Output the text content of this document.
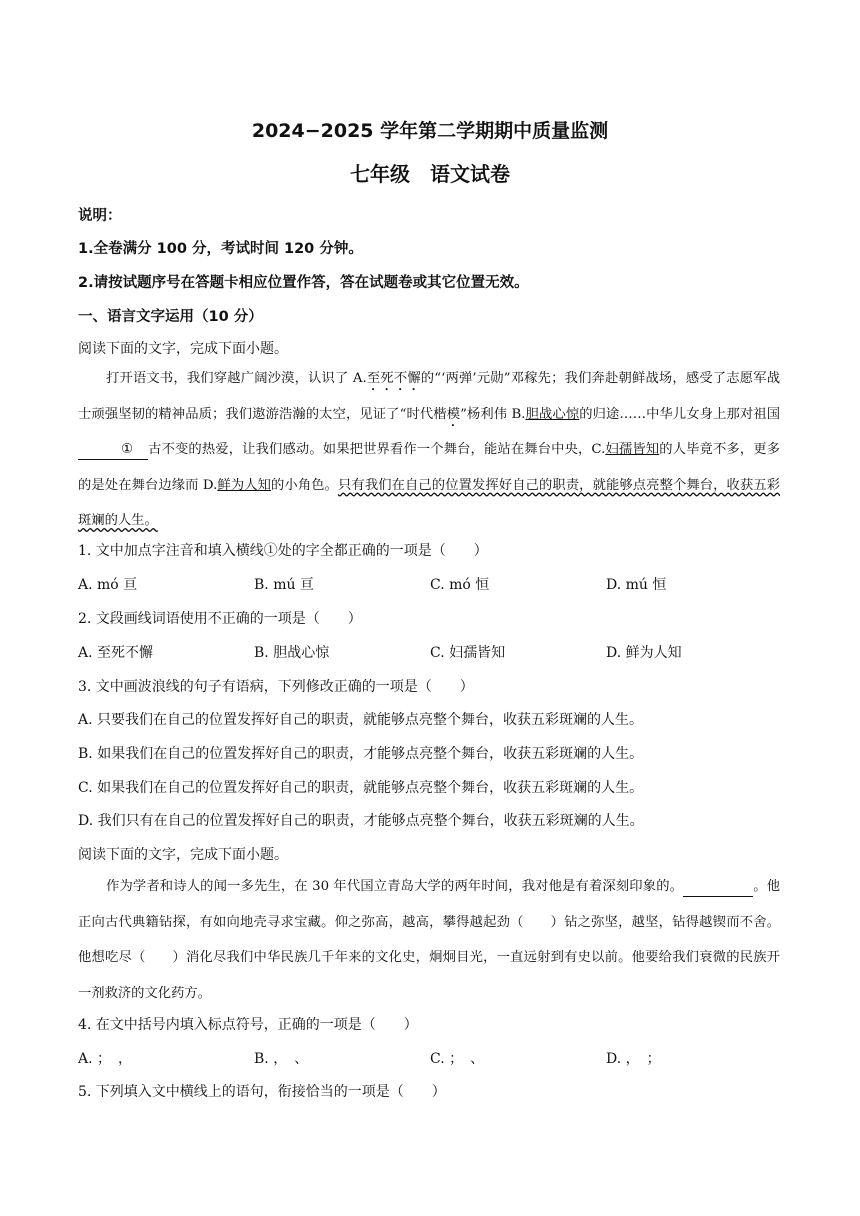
2024−2025 学年第二学期期中质量监测
七年级　语文试卷
说明：
1.全卷满分 100 分，考试时间 120 分钟。
2.请按试题序号在答题卡相应位置作答，答在试题卷或其它位置无效。
一、语言文字运用（10 分）
阅读下面的文字，完成下面小题。
打开语文书，我们穿越广阔沙漠，认识了 A.至死不懈的“‘两弹’元勋”邓稼先；我们奔赴朝鲜战场，感受了志愿军战士顽强坚韧的精神品质；我们遨游浩瀚的太空，见证了“时代楷模”杨利伟 B.胆战心惊的归途……中华儿女身上那对祖国① 古不变的热爱，让我们感动。如果把世界看作一个舞台，能站在舞台中央，C.妇孺皆知的人毕竟不多，更多的是处在舞台边缘而 D.鲜为人知的小角色。只有我们在自己的位置发挥好自己的职责，就能够点亮整个舞台，收获五彩斑斓的人生。
1. 文中加点字注音和填入横线①处的字全都正确的一项是（　　）
A. mó 亘	B. mú 亘	C. mó 恒	D. mú 恒
2. 文段画线词语使用不正确的一项是（　　）
A. 至死不懈	B. 胆战心惊	C. 妇孺皆知	D. 鲜为人知
3. 文中画波浪线的句子有语病，下列修改正确的一项是（　　）
A. 只要我们在自己的位置发挥好自己的职责，就能够点亮整个舞台，收获五彩斑斓的人生。
B. 如果我们在自己的位置发挥好自己的职责，才能够点亮整个舞台，收获五彩斑斓的人生。
C. 如果我们在自己的位置发挥好自己的职责，就能够点亮整个舞台，收获五彩斑斓的人生。
D. 我们只有在自己的位置发挥好自己的职责，才能够点亮整个舞台，收获五彩斑斓的人生。
阅读下面的文字，完成下面小题。
作为学者和诗人的闻一多先生，在 30 年代国立青岛大学的两年时间，我对他是有着深刻印象的。	。他正向古代典籍钻探，有如向地壳寻求宝藏。仰之弥高，越高，攀得越起劲（　　）钻之弥坚，越坚，钻得越锲而不舍。他想吃尽（　　）消化尽我们中华民族几千年来的文化史，炯炯目光，一直远射到有史以前。他要给我们衰微的民族开一剂救济的文化药方。
4. 在文中括号内填入标点符号，正确的一项是（　　）
A. ；　，	B. ，　、	C. ；　、	D. ，　；
5. 下列填入文中横线上的语句，衔接恰当的一项是（　　）
